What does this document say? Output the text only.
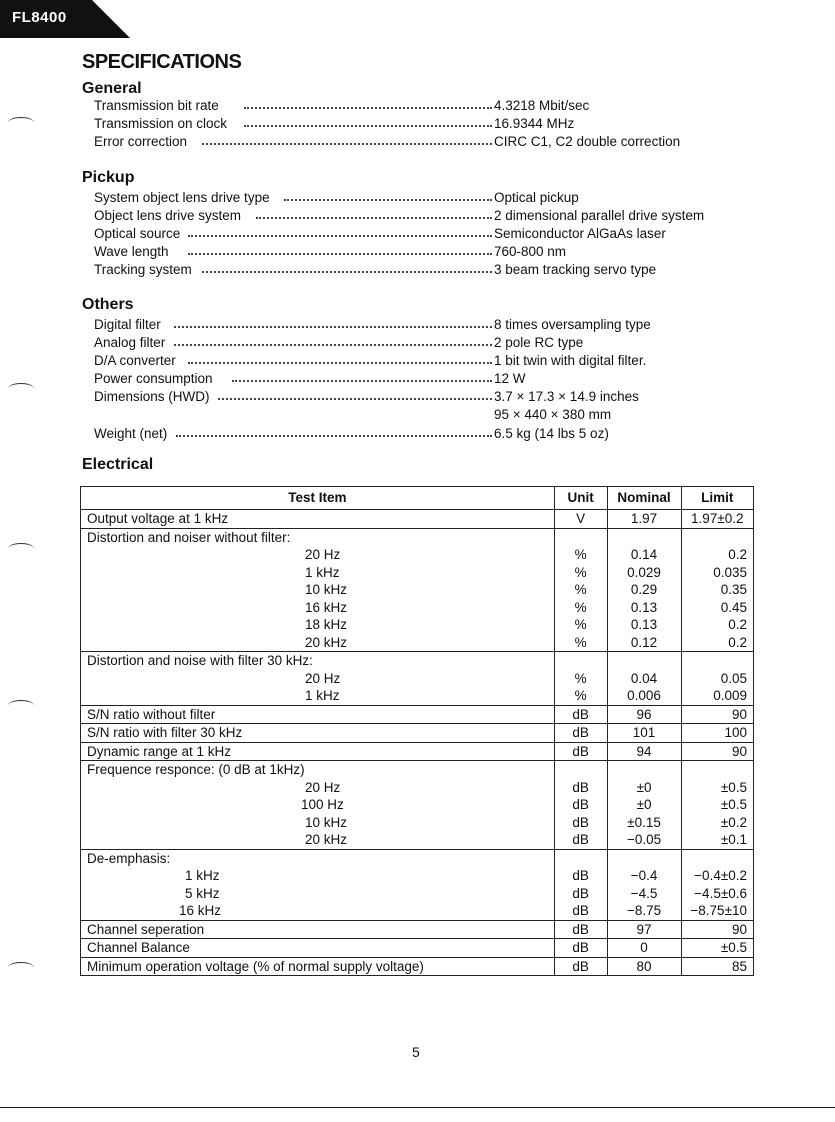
FL8400
SPECIFICATIONS
General
Transmission bit rate	4.3218 Mbit/sec
Transmission on clock	16.9344 MHz
Error correction	CIRC C1, C2 double correction
Pickup
System object lens drive type	Optical pickup
Object lens drive system	2 dimensional parallel drive system
Optical source	Semiconductor AlGaAs laser
Wave length	760-800 nm
Tracking system	3 beam tracking servo type
Others
Digital filter	8 times oversampling type
Analog filter	2 pole RC type
D/A converter	1 bit twin with digital filter.
Power consumption	12 W
Dimensions (HWD)	3.7 × 17.3 × 14.9 inches
95 × 440 × 380 mm
Weight (net)	6.5 kg (14 lbs 5 oz)
Electrical
Test Item	Unit	Nominal	Limit
Output voltage at 1 kHz	V	1.97	1.97±0.2
Distortion and noiser without filter:			
20 Hz	%	0.14	0.2
1 kHz	%	0.029	0.035
10 kHz	%	0.29	0.35
16 kHz	%	0.13	0.45
18 kHz	%	0.13	0.2
20 kHz	%	0.12	0.2
Distortion and noise with filter 30 kHz:			
20 Hz	%	0.04	0.05
1 kHz	%	0.006	0.009
S/N ratio without filter	dB	96	90
S/N ratio with filter 30 kHz	dB	101	100
Dynamic range at 1 kHz	dB	94	90
Frequence responce: (0 dB at 1kHz)			
20 Hz	dB	±0	±0.5
100 Hz	dB	±0	±0.5
10 kHz	dB	±0.15	±0.2
20 kHz	dB	−0.05	±0.1
De-emphasis:			
1 kHz	dB	−0.4	−0.4±0.2
5 kHz	dB	−4.5	−4.5±0.6
16 kHz	dB	−8.75	−8.75±10
Channel seperation	dB	97	90
Channel Balance	dB	0	±0.5
Minimum operation voltage (% of normal supply voltage)	dB	80	85
5
